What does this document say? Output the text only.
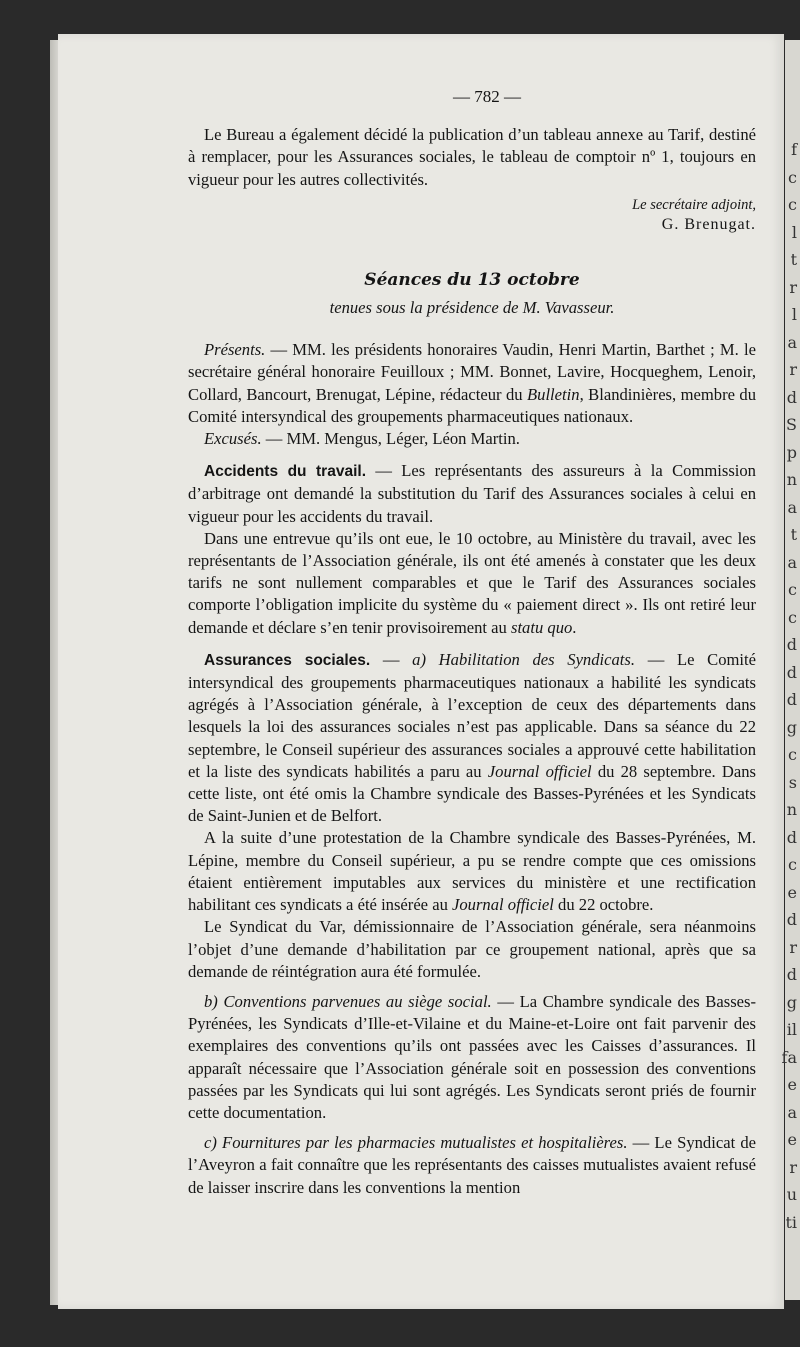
f
c
c
l
t
r
l
a
r
d
S
p
n
a
t
a
c
c
d
d
d
g
c
s
n
d
c
e
d
r
d
g
il
fa
e
a
e
r
u
ti
— 782 —

Le Bureau a également décidé la publication d’un tableau annexe au Tarif, destiné à remplacer, pour les Assurances sociales, le tableau de comptoir nº 1, toujours en vigueur pour les autres collectivités.

Le secrétaire adjoint,
G. Brenugat.
Séances du 13 octobre
tenues sous la présidence de M. Vavasseur.

Présents. — MM. les présidents honoraires Vaudin, Henri Martin, Barthet ; M. le secrétaire général honoraire Feuilloux ; MM. Bonnet, Lavire, Hocqueghem, Lenoir, Collard, Bancourt, Brenugat, Lépine, rédacteur du Bulletin, Blandinières, membre du Comité intersyndical des groupements pharmaceutiques nationaux.

Excusés. — MM. Mengus, Léger, Léon Martin.

Accidents du travail. — Les représentants des assureurs à la Commission d’arbitrage ont demandé la substitution du Tarif des Assurances sociales à celui en vigueur pour les accidents du travail.

Dans une entrevue qu’ils ont eue, le 10 octobre, au Ministère du travail, avec les représentants de l’Association générale, ils ont été amenés à constater que les deux tarifs ne sont nullement comparables et que le Tarif des Assurances sociales comporte l’obligation implicite du système du « paiement direct ». Ils ont retiré leur demande et déclare s’en tenir provisoirement au statu quo.

Assurances sociales. — a) Habilitation des Syndicats. — Le Comité intersyndical des groupements pharmaceutiques nationaux a habilité les syndicats agrégés à l’Association générale, à l’exception de ceux des départements dans lesquels la loi des assurances sociales n’est pas applicable. Dans sa séance du 22 septembre, le Conseil supérieur des assurances sociales a approuvé cette habilitation et la liste des syndicats habilités a paru au Journal officiel du 28 septembre. Dans cette liste, ont été omis la Chambre syndicale des Basses-Pyrénées et les Syndicats de Saint-Junien et de Belfort.

A la suite d’une protestation de la Chambre syndicale des Basses-Pyrénées, M. Lépine, membre du Conseil supérieur, a pu se rendre compte que ces omissions étaient entièrement imputables aux services du ministère et une rectification habilitant ces syndicats a été insérée au Journal officiel du 22 octobre.

Le Syndicat du Var, démissionnaire de l’Association générale, sera néanmoins l’objet d’une demande d’habilitation par ce groupement national, après que sa demande de réintégration aura été formulée.

b) Conventions parvenues au siège social. — La Chambre syndicale des Basses-Pyrénées, les Syndicats d’Ille-et-Vilaine et du Maine-et-Loire ont fait parvenir des exemplaires des conventions qu’ils ont passées avec les Caisses d’assurances. Il apparaît nécessaire que l’Association générale soit en possession des conventions passées par les Syndicats qui lui sont agrégés. Les Syndicats seront priés de fournir cette documentation.

c) Fournitures par les pharmacies mutualistes et hospitalières. — Le Syndicat de l’Aveyron a fait connaître que les représentants des caisses mutualistes avaient refusé de laisser inscrire dans les conventions la mention
